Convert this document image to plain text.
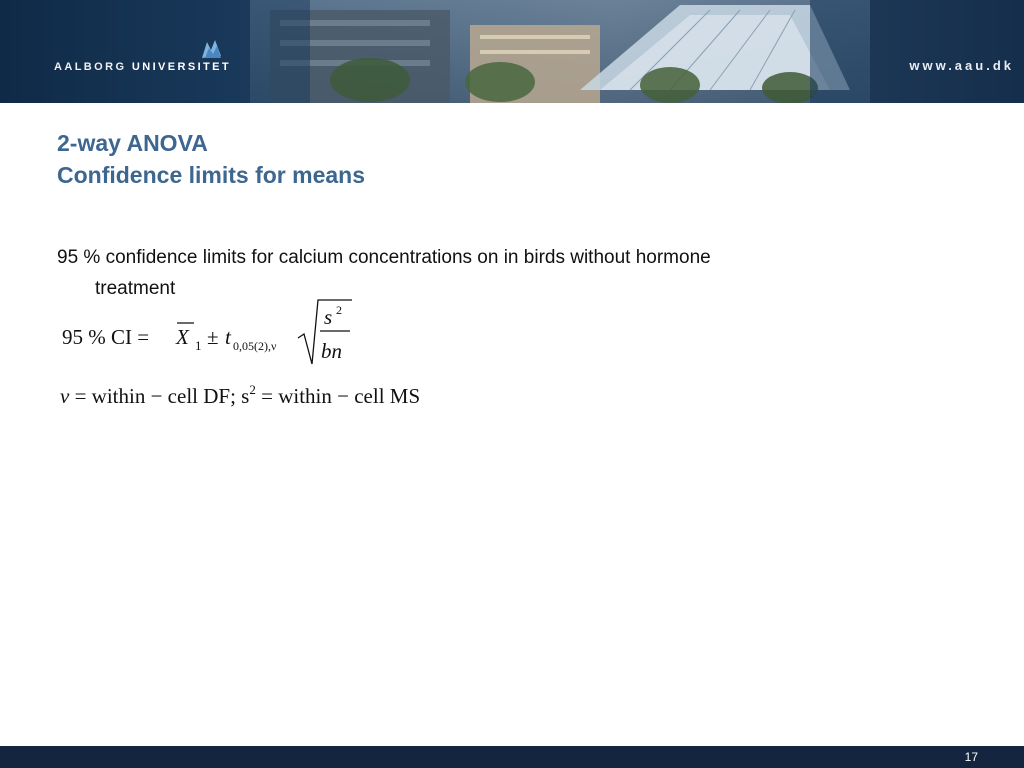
AALBORG UNIVERSITET	www.aau.dk
2-way ANOVA
Confidence limits for means
95 % confidence limits for calcium concentrations on in birds without hormone
treatment
95 % CI = X 1 ± t 0,05(2),ν
s 2
bn
ν = within − cell DF; $s^2$ = within − cell MS
17
